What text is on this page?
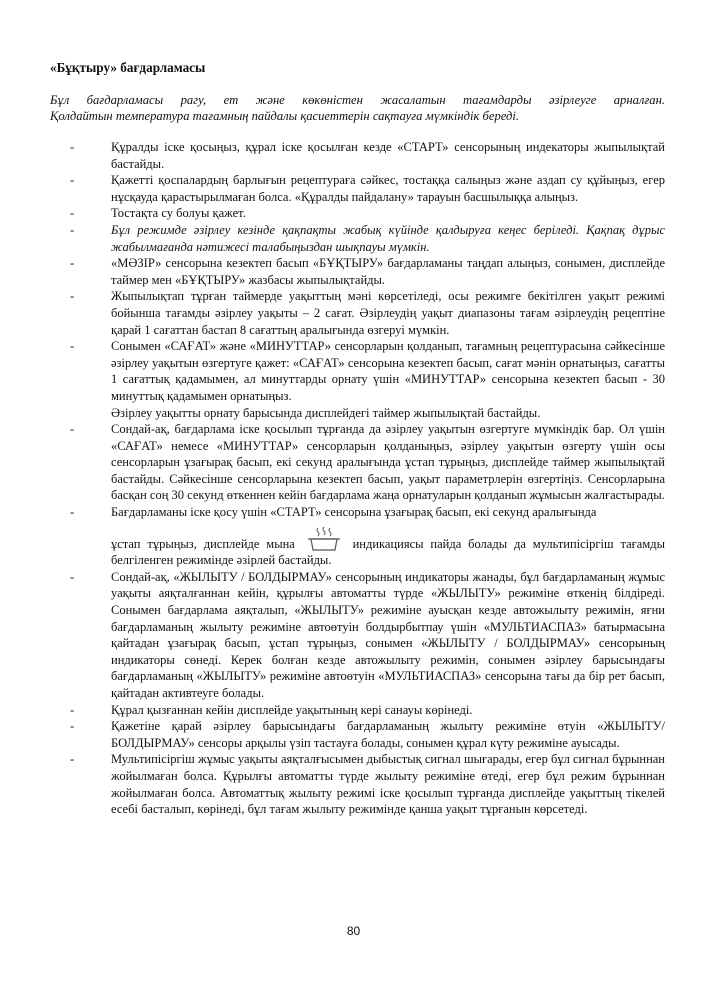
«Бұқтыру» бағдарламасы
Бұл бағдарламасы рагу, ет және көкөністен жасалатын тағамдарды әзірлеуге арналған.
Қолдайтын температура тағамның пайдалы қасиеттерін сақтауға мүмкіндік береді.
-	Құралды іске қосыңыз, құрал іске қосылған кезде «СТАРТ» сенсорының индекаторы жыпылықтай бастайды.
-	Қажетті қоспалардың барлығын рецептураға сәйкес, тостаққа салыңыз және аздап су құйыңыз, егер нұсқауда қарастырылмаған болса. «Құралды пайдалану» тарауын басшылыққа алыңыз.
-	Тостақта су болуы қажет.
-	Бұл режимде әзірлеу кезінде қақпақты жабық күйінде қалдыруға кеңес беріледі. Қақпақ дұрыс жабылмағанда нәтижесі талабыңыздан шықпауы мүмкін.
-	«МӘЗІР» сенсорына кезектеп басып «БҰҚТЫРУ» бағдарламаны таңдап алыңыз, сонымен, дисплейде таймер мен «БҰҚТЫРУ» жазбасы жыпылықтайды.
-	Жыпылықтап тұрған таймерде уақыттың мәні көрсетіледі, осы режимге бекітілген уақыт режимі бойынша тағамды әзірлеу уақыты – 2 сағат. Әзірлеудің уақыт диапазоны тағам әзірлеудің рецептіне қарай 1 сағаттан бастап 8 сағаттың аралығында өзгеруі мүмкін.
-	Сонымен «САҒАТ» және «МИНУТТАР» сенсорларын қолданып, тағамның рецептурасына сәйкесінше әзірлеу уақытын өзгертуге қажет: «САҒАТ» сенсорына кезектеп басып, сағат мәнін орнатыңыз, сағатты 1 сағаттық қадамымен, ал минуттарды орнату үшін «МИНУТТАР» сенсорына кезектеп басып - 30 минуттық қадамымен орнатыңыз.
Әзірлеу уақытты орнату барысында дисплейдегі таймер жыпылықтай бастайды.
-	Сондай-ақ, бағдарлама іске қосылып тұрғанда да әзірлеу уақытын өзгертуге мүмкіндік бар. Ол үшін «САҒАТ» немесе «МИНУТТАР» сенсорларын қолданыңыз, әзірлеу уақытын өзгерту үшін осы сенсорларын ұзағырақ басып, екі секунд аралығында ұстап тұрыңыз, дисплейде таймер жыпылықтай бастайды. Сәйкесінше сенсорларына кезектеп басып, уақыт параметрлерін өзгертіңіз. Сенсорларына басқан соң 30 секунд өткеннен кейін бағдарлама жаңа орнатуларын қолданып жұмысын жалғастырады.
-	Бағдарламаны іске қосу үшін «СТАРТ» сенсорына ұзағырақ басып, екі секунд аралығында
ұстап тұрыңыз, дисплейде мына	индикациясы пайда болады да мультипісіргіш тағамды белгіленген режимінде әзірлей бастайды.
-	Сондай-ақ, «ЖЫЛЫТУ / БОЛДЫРМАУ» сенсорының индикаторы жанады, бұл бағдарламаның жұмыс уақыты аяқталғаннан кейін, құрылғы автоматты түрде «ЖЫЛЫТУ» режиміне өткенің білдіреді. Сонымен бағдарлама аяқталып, «ЖЫЛЫТУ» режиміне ауысқан кезде автожылыту режимін, яғни бағдарламаның жылыту режиміне автоөтуін болдырбытпау үшін «МУЛЬТИАСПАЗ» батырмасына қайтадан ұзағырақ басып, ұстап тұрыңыз, сонымен «ЖЫЛЫТУ / БОЛДЫРМАУ» сенсорының индикаторы сөнеді. Керек болған кезде автожылыту режимін, сонымен әзірлеу барысындағы бағдарламаның «ЖЫЛЫТУ» режиміне автоөтуін «МУЛЬТИАСПАЗ» сенсорына тағы да бір рет басып, қайтадан активтеуге болады.
-	Құрал қызғаннан кейін дисплейде уақытының кері санауы көрінеді.
-	Қажетіне қарай әзірлеу барысындағы бағдарламаның жылыту режиміне өтуін «ЖЫЛЫТУ/БОЛДЫРМАУ» сенсоры арқылы үзіп тастауға болады, сонымен құрал күту режиміне ауысады.
-	Мультипісіргіш жұмыс уақыты аяқталғысымен дыбыстық сигнал шығарады, егер бұл сигнал бұрыннан жойылмаған болса. Құрылғы автоматты түрде жылыту режиміне өтеді, егер бұл режим бұрыннан жойылмаған болса. Автоматтық жылыту режимі іске қосылып тұрғанда дисплейде уақыттың тікелей есебі басталып, көрінеді, бұл тағам жылыту режимінде қанша уақыт тұрғанын көрсетеді.
80
